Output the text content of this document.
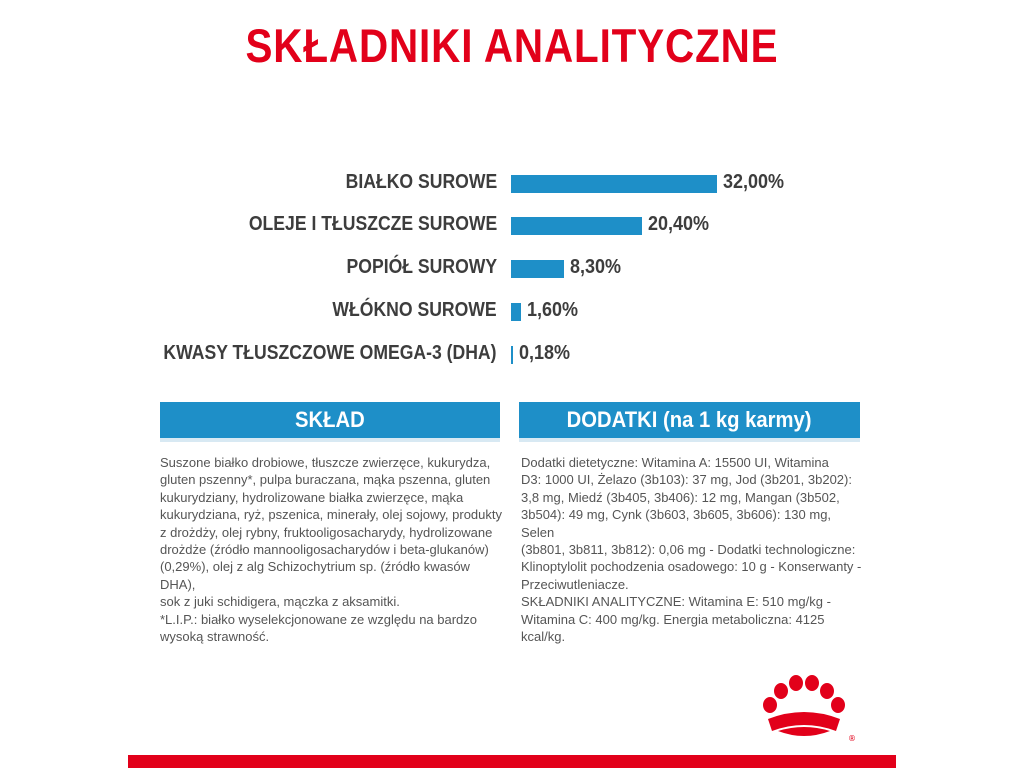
SKŁADNIKI ANALITYCZNE
BIAŁKO SUROWE	32,00%
OLEJE I TŁUSZCZE SUROWE	20,40%
POPIÓŁ SUROWY	8,30%
WŁÓKNO SUROWE 1,60%
KWASY TŁUSZCZOWE OMEGA-3 (DHA) 0,18%
SKŁAD	DODATKI (na 1 kg karmy)
Suszone białko drobiowe, tłuszcze zwierzęce, kukurydza,
gluten pszenny*, pulpa buraczana, mąka pszenna, gluten
kukurydziany, hydrolizowane białka zwierzęce, mąka
kukurydziana, ryż, pszenica, minerały, olej sojowy, produkty
z drożdży, olej rybny, fruktooligosacharydy, hydrolizowane
drożdże (źródło mannooligosacharydów i beta-glukanów)
(0,29%), olej z alg Schizochytrium sp. (źródło kwasów DHA),
sok z juki schidigera, mączka z aksamitki.
*L.I.P.: białko wyselekcjonowane ze względu na bardzo
wysoką strawność.
Dodatki dietetyczne: Witamina A: 15500 UI, Witamina
D3: 1000 UI, Żelazo (3b103): 37 mg, Jod (3b201, 3b202):
3,8 mg, Miedź (3b405, 3b406): 12 mg, Mangan (3b502,
3b504): 49 mg, Cynk (3b603, 3b605, 3b606): 130 mg, Selen
(3b801, 3b811, 3b812): 0,06 mg - Dodatki technologiczne:
Klinoptylolit pochodzenia osadowego: 10 g - Konserwanty -
Przeciwutleniacze.
SKŁADNIKI ANALITYCZNE: Witamina E: 510 mg/kg -
Witamina C: 400 mg/kg. Energia metaboliczna: 4125 kcal/kg.
®
